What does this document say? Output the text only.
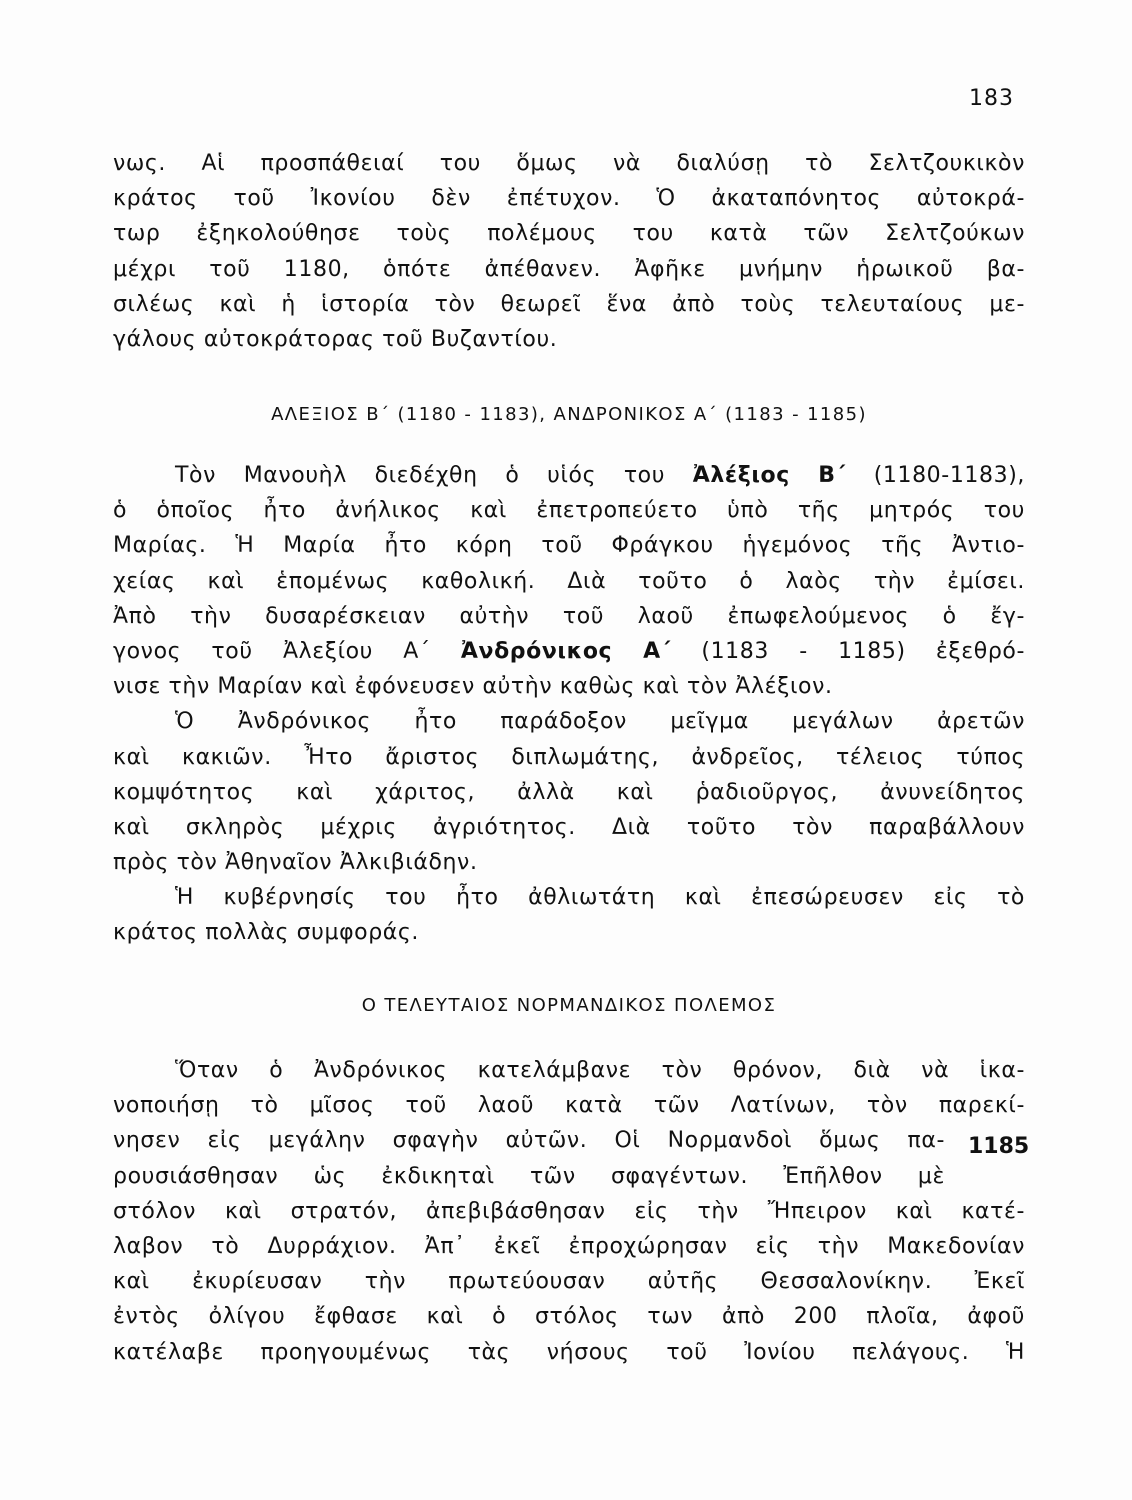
183
νως. Αἱ προσπάθειαί του ὅμως νὰ διαλύσῃ τὸ Σελτζουκικὸν
κράτος τοῦ Ἰκονίου δὲν ἐπέτυχον. Ὁ ἀκαταπόνητος αὐτοκρά-
τωρ ἐξηκολούθησε τοὺς πολέμους του κατὰ τῶν Σελτζούκων
μέχρι τοῦ 1180, ὁπότε ἀπέθανεν. Ἀφῆκε μνήμην ἡρωικοῦ βα-
σιλέως καὶ ἡ ἱστορία τὸν θεωρεῖ ἕνα ἀπὸ τοὺς τελευταίους με-
γάλους αὐτοκράτορας τοῦ Βυζαντίου.
ΑΛΕΞΙΟΣ Β΄ (1180 - 1183), ΑΝΔΡΟΝΙΚΟΣ Α΄ (1183 - 1185)
Τὸν Μανουὴλ διεδέχθη ὁ υἱός του Ἀλέξιος Β΄ (1180-1183),
ὁ ὁποῖος ἦτο ἀνήλικος καὶ ἐπετροπεύετο ὑπὸ τῆς μητρός του
Μαρίας. Ἡ Μαρία ἦτο κόρη τοῦ Φράγκου ἡγεμόνος τῆς Ἀντιο-
χείας καὶ ἑπομένως καθολική. Διὰ τοῦτο ὁ λαὸς τὴν ἐμίσει.
Ἀπὸ τὴν δυσαρέσκειαν αὐτὴν τοῦ λαοῦ ἐπωφελούμενος ὁ ἔγ-
γονος τοῦ Ἀλεξίου Α΄ Ἀνδρόνικος Α΄ (1183 - 1185) ἐξεθρό-
νισε τὴν Μαρίαν καὶ ἐφόνευσεν αὐτὴν καθὼς καὶ τὸν Ἀλέξιον.
Ὁ Ἀνδρόνικος ἦτο παράδοξον μεῖγμα μεγάλων ἀρετῶν
καὶ κακιῶν. Ἦτο ἄριστος διπλωμάτης, ἀνδρεῖος, τέλειος τύπος
κομψότητος καὶ χάριτος, ἀλλὰ καὶ ῥαδιοῦργος, ἀνυνείδητος
καὶ σκληρὸς μέχρις ἀγριότητος. Διὰ τοῦτο τὸν παραβάλλουν
πρὸς τὸν Ἀθηναῖον Ἀλκιβιάδην.
Ἡ κυβέρνησίς του ἦτο ἀθλιωτάτη καὶ ἐπεσώρευσεν εἰς τὸ
κράτος πολλὰς συμφοράς.
Ο ΤΕΛΕΥΤΑΙΟΣ ΝΟΡΜΑΝΔΙΚΟΣ ΠΟΛΕΜΟΣ
Ὅταν ὁ Ἀνδρόνικος κατελάμβανε τὸν θρόνον, διὰ νὰ ἱκα-
νοποιήσῃ τὸ μῖσος τοῦ λαοῦ κατὰ τῶν Λατίνων, τὸν παρεκί-
νησεν εἰς μεγάλην σφαγὴν αὐτῶν. Οἱ Νορμανδοὶ ὅμως πα-
ρουσιάσθησαν ὡς ἐκδικηταὶ τῶν σφαγέντων. Ἐπῆλθον μὲ
στόλον καὶ στρατόν, ἀπεβιβάσθησαν εἰς τὴν Ἤπειρον καὶ κατέ-
λαβον τὸ Δυρράχιον. Ἀπ᾽ ἐκεῖ ἐπροχώρησαν εἰς τὴν Μακεδονίαν
καὶ ἐκυρίευσαν τὴν πρωτεύουσαν αὐτῆς Θεσσαλονίκην. Ἐκεῖ
ἐντὸς ὀλίγου ἔφθασε καὶ ὁ στόλος των ἀπὸ 200 πλοῖα, ἀφοῦ
κατέλαβε προηγουμένως τὰς νήσους τοῦ Ἰονίου πελάγους. Ἡ
1185
